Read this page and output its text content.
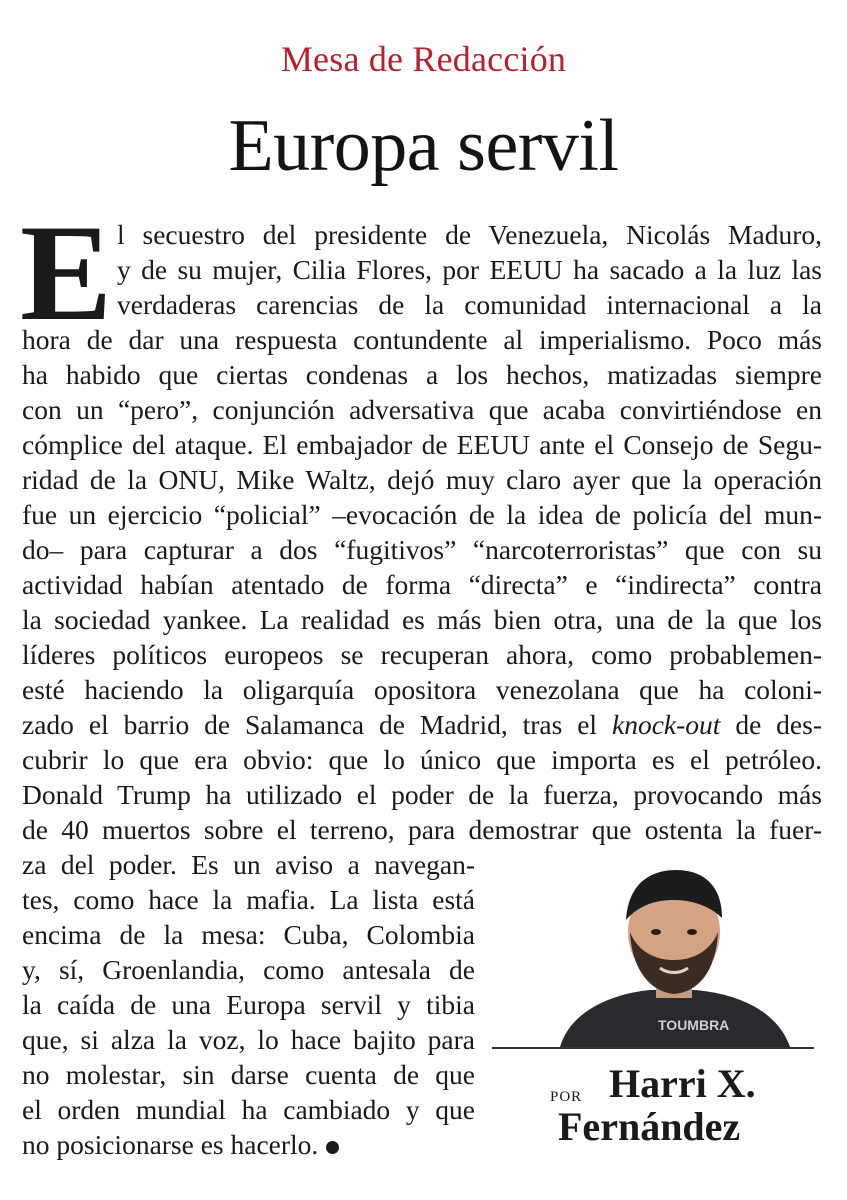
Mesa de Redacción
Europa servil
E l secuestro del presidente de Venezuela, Nicolás Maduro,
y de su mujer, Cilia Flores, por EEUU ha sacado a la luz las
verdaderas carencias de la comunidad internacional a la
hora de dar una respuesta contundente al imperialismo. Poco más
ha habido que ciertas condenas a los hechos, matizadas siempre
con un “pero”, conjunción adversativa que acaba convirtiéndose en
cómplice del ataque. El embajador de EEUU ante el Consejo de Segu-
ridad de la ONU, Mike Waltz, dejó muy claro ayer que la operación
fue un ejercicio “policial” –evocación de la idea de policía del mun-
do– para capturar a dos “fugitivos” “narcoterroristas” que con su
actividad habían atentado de forma “directa” e “indirecta” contra
la sociedad yankee. La realidad es más bien otra, una de la que los
líderes políticos europeos se recuperan ahora, como probablemen-
esté haciendo la oligarquía opositora venezolana que ha coloni-
zado el barrio de Salamanca de Madrid, tras el knock-out de des-
cubrir lo que era obvio: que lo único que importa es el petróleo.
Donald Trump ha utilizado el poder de la fuerza, provocando más
de 40 muertos sobre el terreno, para demostrar que ostenta la fuer-
za del poder. Es un aviso a navegan-
tes, como hace la mafia. La lista está
encima de la mesa: Cuba, Colombia
y, sí, Groenlandia, como antesala de
la caída de una Europa servil y tibia
que, si alza la voz, lo hace bajito para
no molestar, sin darse cuenta de que
el orden mundial ha cambiado y que
no posicionarse es hacerlo.
TOUMBRA
por Harri X.
Fernández
